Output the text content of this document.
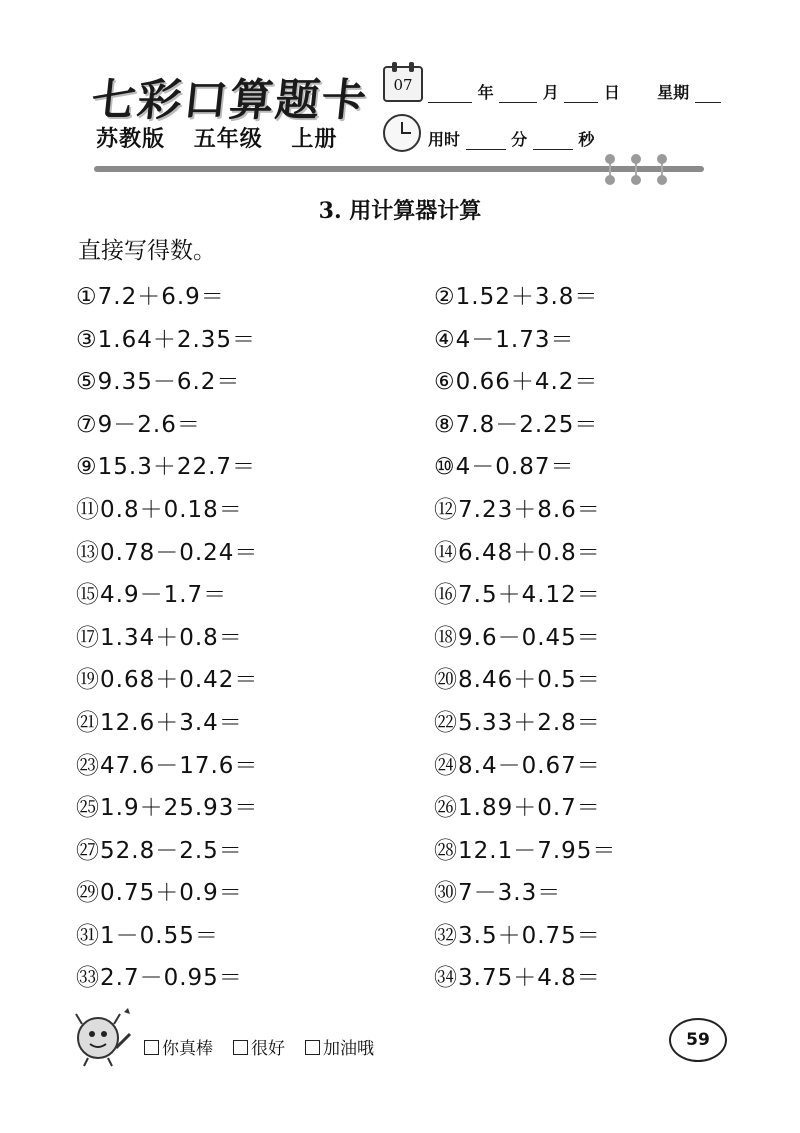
七彩口算题卡
苏教版 五年级 上册
07	年	月	日 星期
用时	分	秒
3. 用计算器计算
直接写得数。
①7.2＋6.9＝	②1.52＋3.8＝
③1.64＋2.35＝	④4－1.73＝
⑤9.35－6.2＝	⑥0.66＋4.2＝
⑦9－2.6＝	⑧7.8－2.25＝
⑨15.3＋22.7＝	⑩4－0.87＝
⑪0.8＋0.18＝	⑫7.23＋8.6＝
⑬0.78－0.24＝	⑭6.48＋0.8＝
⑮4.9－1.7＝	⑯7.5＋4.12＝
⑰1.34＋0.8＝	⑱9.6－0.45＝
⑲0.68＋0.42＝	⑳8.46＋0.5＝
㉑12.6＋3.4＝	㉒5.33＋2.8＝
㉓47.6－17.6＝	㉔8.4－0.67＝
㉕1.9＋25.93＝	㉖1.89＋0.7＝
㉗52.8－2.5＝	㉘12.1－7.95＝
㉙0.75＋0.9＝	㉚7－3.3＝
㉛1－0.55＝	㉜3.5＋0.75＝
㉝2.7－0.95＝	㉞3.75＋4.8＝
你真棒	很好	加油哦	59
